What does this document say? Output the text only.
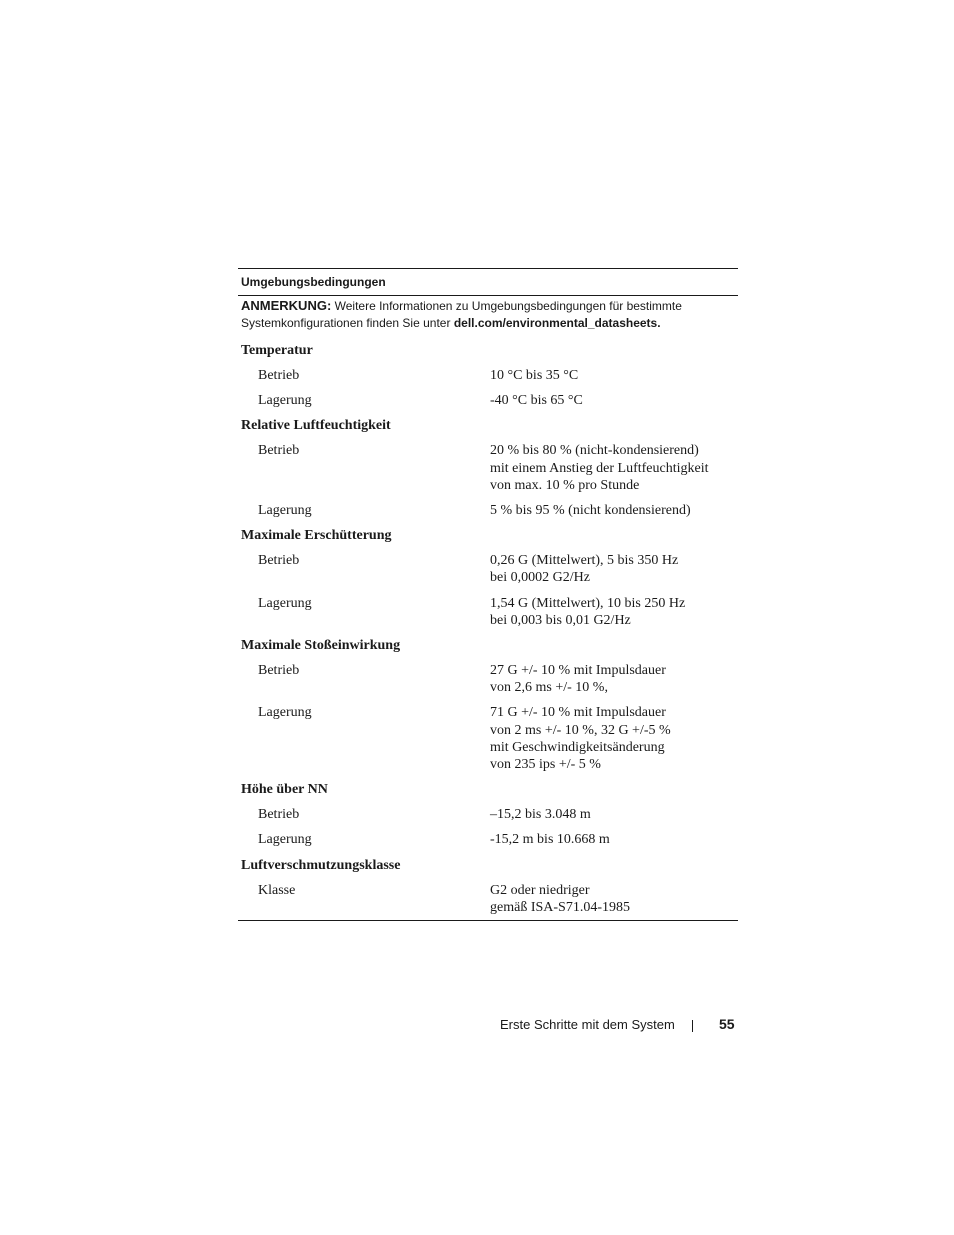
Umgebungsbedingungen
ANMERKUNG: Weitere Informationen zu Umgebungsbedingungen für bestimmte Systemkonfigurationen finden Sie unter dell.com/environmental_datasheets.
Temperatur
Betrieb	10 °C bis 35 °C
Lagerung	-40 °C bis 65 °C
Relative Luftfeuchtigkeit
Betrieb	20 % bis 80 % (nicht-kondensierend)
mit einem Anstieg der Luftfeuchtigkeit
von max. 10 % pro Stunde
Lagerung	5 % bis 95 % (nicht kondensierend)
Maximale Erschütterung
Betrieb	0,26 G (Mittelwert), 5 bis 350 Hz
bei 0,0002 G2/Hz
Lagerung	1,54 G (Mittelwert), 10 bis 250 Hz
bei 0,003 bis 0,01 G2/Hz
Maximale Stoßeinwirkung
Betrieb	27 G +/- 10 % mit Impulsdauer
von 2,6 ms +/- 10 %,
Lagerung	71 G +/- 10 % mit Impulsdauer
von 2 ms +/- 10 %, 32 G +/-5 %
mit Geschwindigkeitsänderung
von 235 ips +/- 5 %
Höhe über NN
Betrieb	–15,2 bis 3.048 m
Lagerung	-15,2 m bis 10.668 m
Luftverschmutzungsklasse
Klasse	G2 oder niedriger
gemäß ISA-S71.04-1985
Erste Schritte mit dem System	55
